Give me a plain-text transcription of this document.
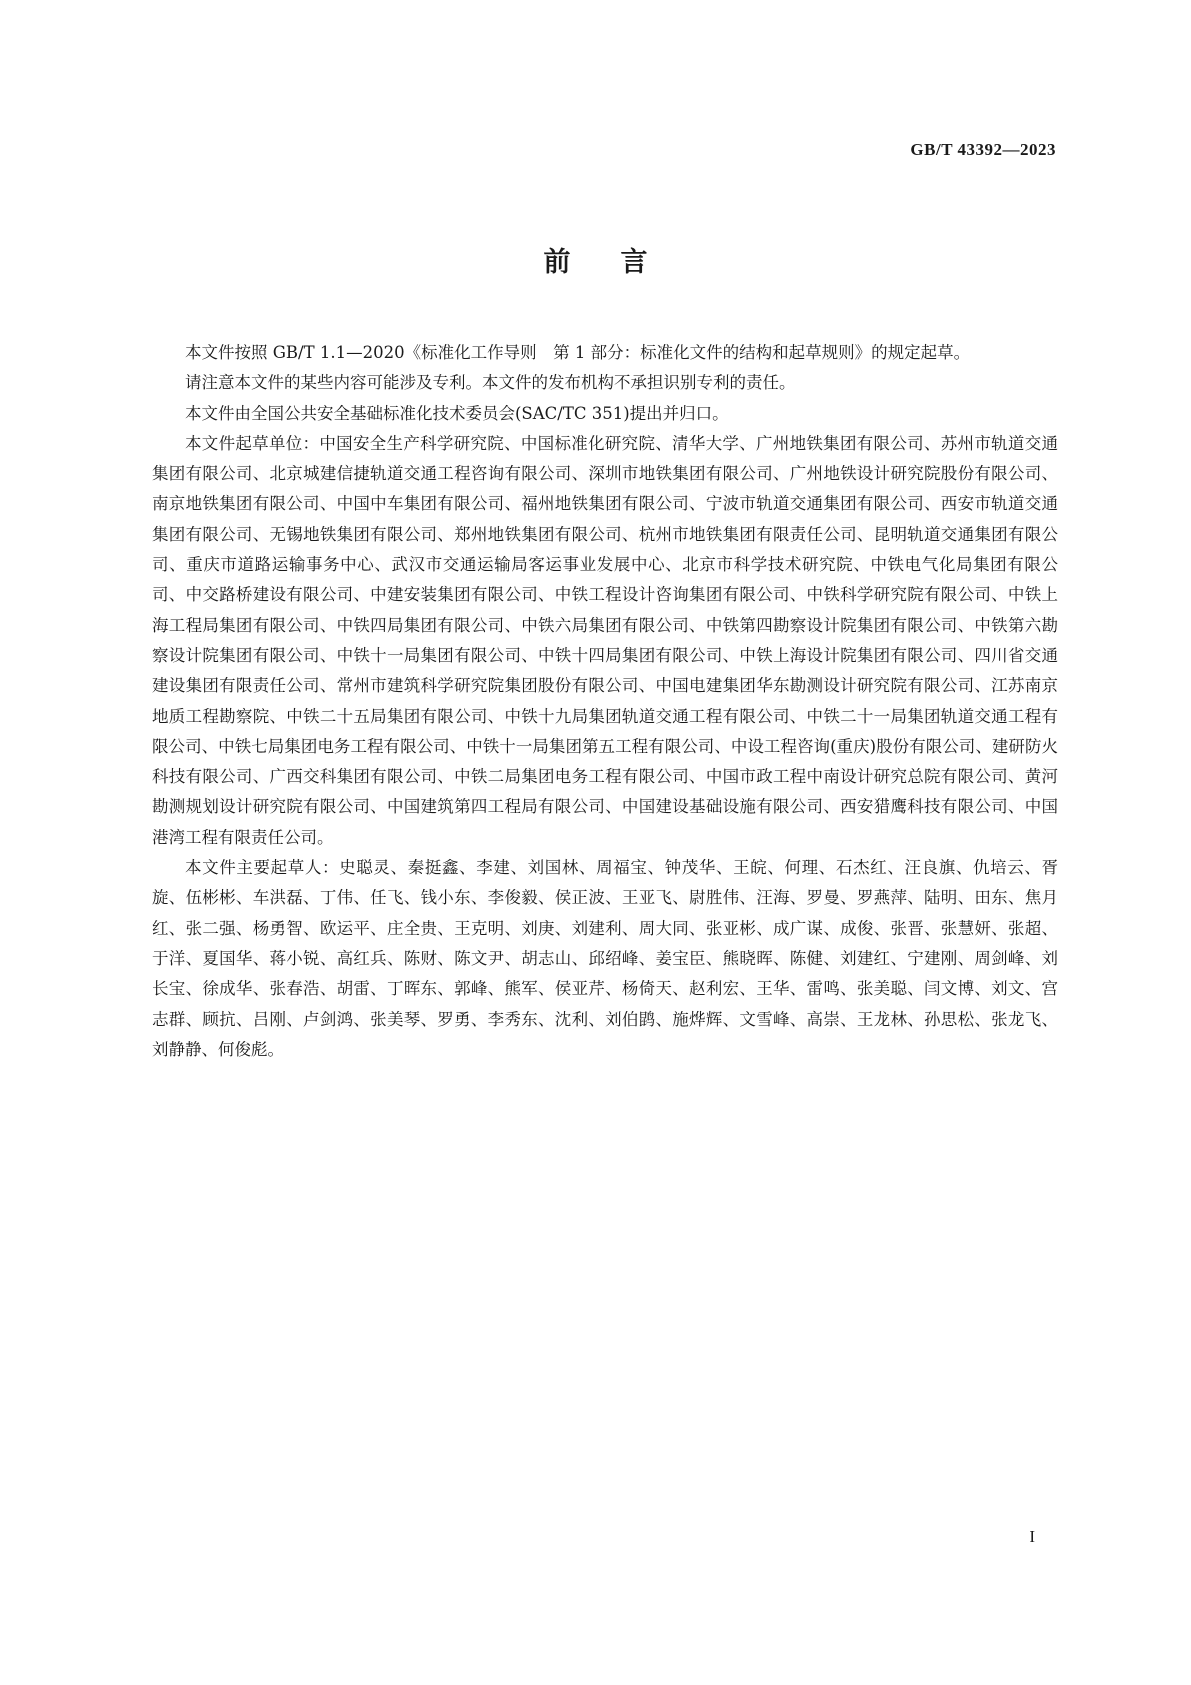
GB/T 43392—2023
前言

本文件按照 GB/T 1.1—2020《标准化工作导则　第 1 部分：标准化文件的结构和起草规则》的规定起草。

请注意本文件的某些内容可能涉及专利。本文件的发布机构不承担识别专利的责任。

本文件由全国公共安全基础标准化技术委员会(SAC/TC 351)提出并归口。

本文件起草单位：中国安全生产科学研究院、中国标准化研究院、清华大学、广州地铁集团有限公司、苏州市轨道交通集团有限公司、北京城建信捷轨道交通工程咨询有限公司、深圳市地铁集团有限公司、广州地铁设计研究院股份有限公司、南京地铁集团有限公司、中国中车集团有限公司、福州地铁集团有限公司、宁波市轨道交通集团有限公司、西安市轨道交通集团有限公司、无锡地铁集团有限公司、郑州地铁集团有限公司、杭州市地铁集团有限责任公司、昆明轨道交通集团有限公司、重庆市道路运输事务中心、武汉市交通运输局客运事业发展中心、北京市科学技术研究院、中铁电气化局集团有限公司、中交路桥建设有限公司、中建安装集团有限公司、中铁工程设计咨询集团有限公司、中铁科学研究院有限公司、中铁上海工程局集团有限公司、中铁四局集团有限公司、中铁六局集团有限公司、中铁第四勘察设计院集团有限公司、中铁第六勘察设计院集团有限公司、中铁十一局集团有限公司、中铁十四局集团有限公司、中铁上海设计院集团有限公司、四川省交通建设集团有限责任公司、常州市建筑科学研究院集团股份有限公司、中国电建集团华东勘测设计研究院有限公司、江苏南京地质工程勘察院、中铁二十五局集团有限公司、中铁十九局集团轨道交通工程有限公司、中铁二十一局集团轨道交通工程有限公司、中铁七局集团电务工程有限公司、中铁十一局集团第五工程有限公司、中设工程咨询(重庆)股份有限公司、建研防火科技有限公司、广西交科集团有限公司、中铁二局集团电务工程有限公司、中国市政工程中南设计研究总院有限公司、黄河勘测规划设计研究院有限公司、中国建筑第四工程局有限公司、中国建设基础设施有限公司、西安猎鹰科技有限公司、中国港湾工程有限责任公司。

本文件主要起草人：史聪灵、秦挺鑫、李建、刘国林、周福宝、钟茂华、王皖、何理、石杰红、汪良旗、仇培云、胥旋、伍彬彬、车洪磊、丁伟、任飞、钱小东、李俊毅、侯正波、王亚飞、尉胜伟、汪海、罗曼、罗燕萍、陆明、田东、焦月红、张二强、杨勇智、欧运平、庄全贵、王克明、刘庚、刘建利、周大同、张亚彬、成广谋、成俊、张晋、张慧妍、张超、于洋、夏国华、蒋小锐、高红兵、陈财、陈文尹、胡志山、邱绍峰、姜宝臣、熊晓晖、陈健、刘建红、宁建刚、周剑峰、刘长宝、徐成华、张春浩、胡雷、丁晖东、郭峰、熊军、侯亚芹、杨倚天、赵利宏、王华、雷鸣、张美聪、闫文博、刘文、宫志群、顾抗、吕刚、卢剑鸿、张美琴、罗勇、李秀东、沈利、刘伯鹍、施烨辉、文雪峰、高崇、王龙林、孙思松、张龙飞、刘静静、何俊彪。

I
